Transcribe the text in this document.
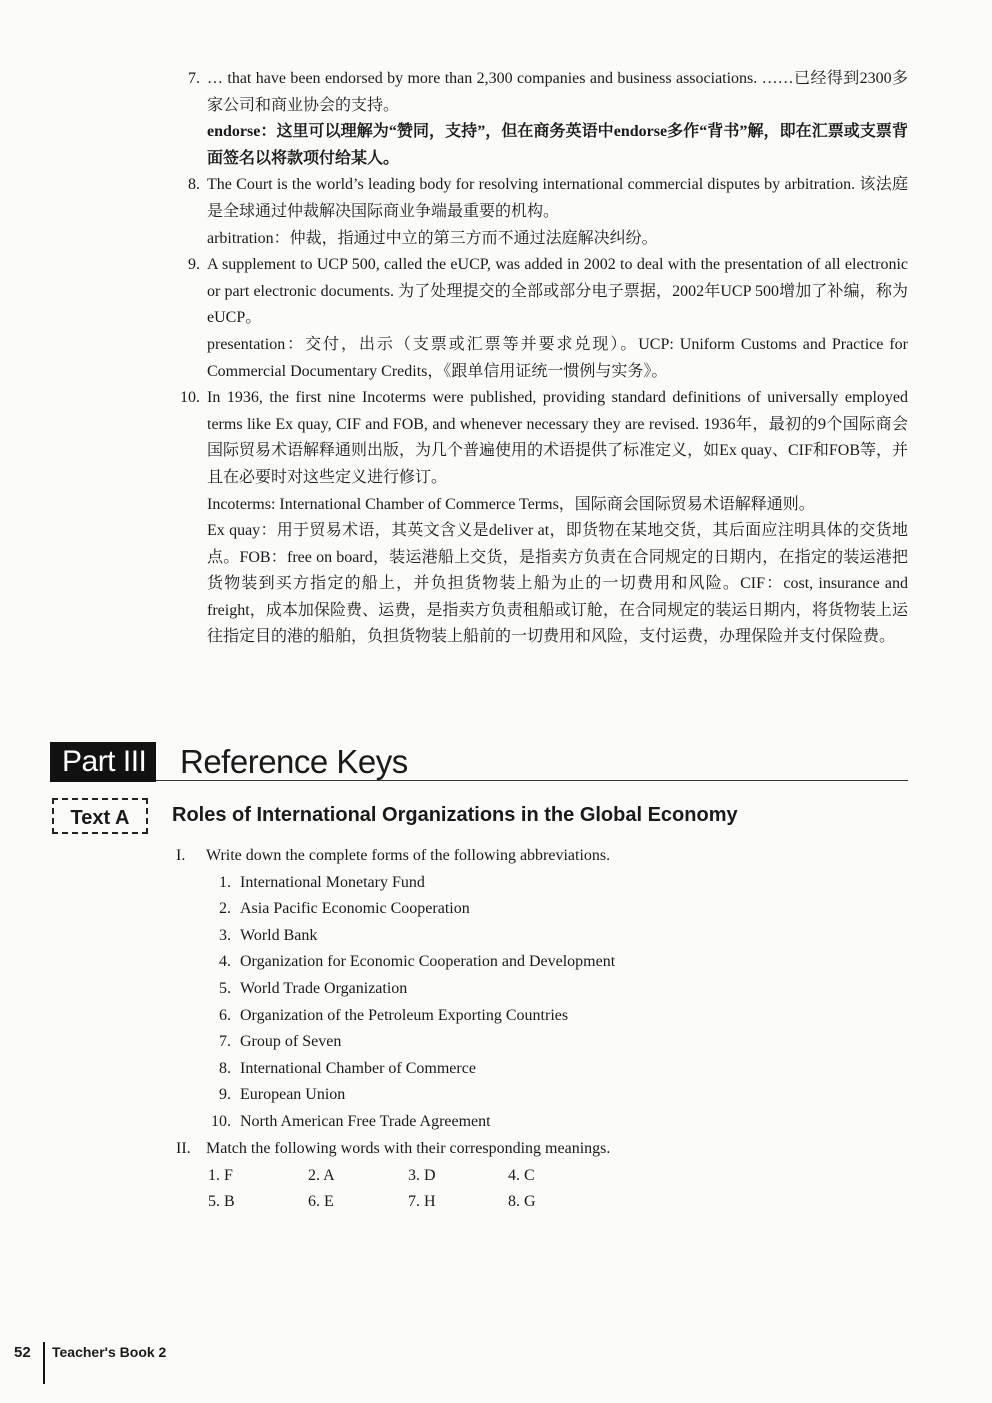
7. … that have been endorsed by more than 2,300 companies and business associations. ……已经得到2300多家公司和商业协会的支持。

endorse：这里可以理解为“赞同，支持”，但在商务英语中endorse多作“背书”解，即在汇票或支票背面签名以将款项付给某人。

8. The Court is the world’s leading body for resolving international commercial disputes by arbitration. 该法庭是全球通过仲裁解决国际商业争端最重要的机构。

arbitration：仲裁，指通过中立的第三方而不通过法庭解决纠纷。

9. A supplement to UCP 500, called the eUCP, was added in 2002 to deal with the presentation of all electronic or part electronic documents. 为了处理提交的全部或部分电子票据，2002年UCP 500增加了补编，称为eUCP。

presentation：交付，出示（支票或汇票等并要求兑现）。UCP: Uniform Customs and Practice for Commercial Documentary Credits，《跟单信用证统一惯例与实务》。

10. In 1936, the first nine Incoterms were published, providing standard definitions of universally employed terms like Ex quay, CIF and FOB, and whenever necessary they are revised. 1936年，最初的9个国际商会国际贸易术语解释通则出版，为几个普遍使用的术语提供了标准定义，如Ex quay、CIF和FOB等，并且在必要时对这些定义进行修订。

Incoterms: International Chamber of Commerce Terms，国际商会国际贸易术语解释通则。

Ex quay：用于贸易术语，其英文含义是deliver at，即货物在某地交货，其后面应注明具体的交货地点。FOB：free on board，装运港船上交货，是指卖方负责在合同规定的日期内，在指定的装运港把货物装到买方指定的船上，并负担货物装上船为止的一切费用和风险。CIF：cost, insurance and freight，成本加保险费、运费，是指卖方负责租船或订舱，在合同规定的装运日期内，将货物装上运往指定目的港的船舶，负担货物装上船前的一切费用和风险，支付运费，办理保险并支付保险费。

Part III	Reference Keys
Text A	Roles of International Organizations in the Global Economy
I. Write down the complete forms of the following abbreviations.
1. International Monetary Fund
2. Asia Pacific Economic Cooperation
3. World Bank
4. Organization for Economic Cooperation and Development
5. World Trade Organization
6. Organization of the Petroleum Exporting Countries
7. Group of Seven
8. International Chamber of Commerce
9. European Union
10. North American Free Trade Agreement
II. Match the following words with their corresponding meanings.
1. F	2. A	3. D	4. C
5. B	6. E	7. H	8. G
52 Teacher's Book 2
